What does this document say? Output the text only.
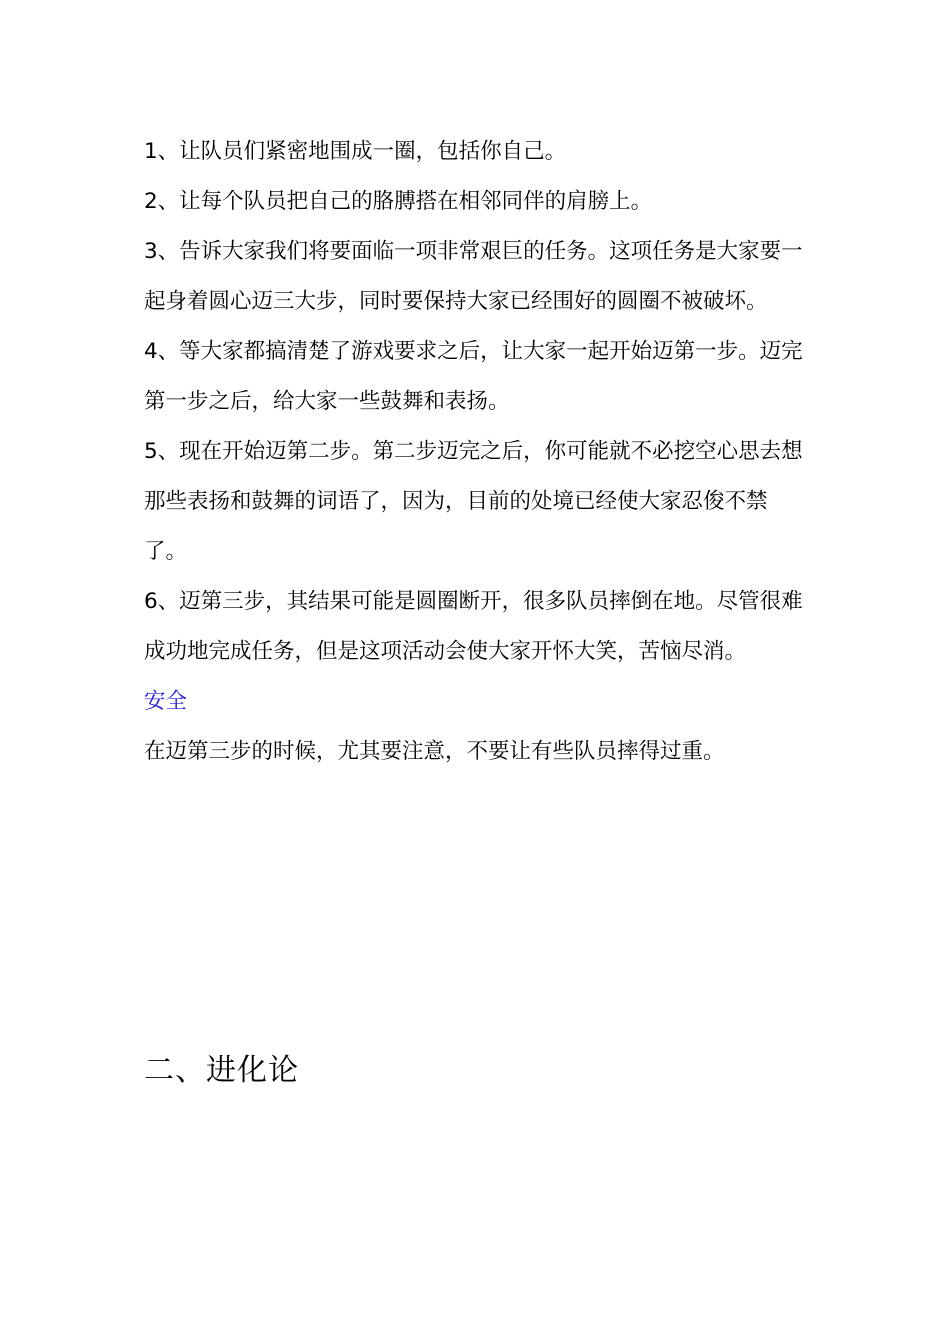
1、让队员们紧密地围成一圈，包括你自己。

2、让每个队员把自己的胳膊搭在相邻同伴的肩膀上。

3、告诉大家我们将要面临一项非常艰巨的任务。这项任务是大家要一起身着圆心迈三大步，同时要保持大家已经围好的圆圈不被破坏。

4、等大家都搞清楚了游戏要求之后，让大家一起开始迈第一步。迈完第一步之后，给大家一些鼓舞和表扬。

5、现在开始迈第二步。第二步迈完之后，你可能就不必挖空心思去想那些表扬和鼓舞的词语了，因为，目前的处境已经使大家忍俊不禁了。

6、迈第三步，其结果可能是圆圈断开，很多队员摔倒在地。尽管很难成功地完成任务，但是这项活动会使大家开怀大笑，苦恼尽消。

安全

在迈第三步的时候，尤其要注意，不要让有些队员摔得过重。

二、进化论
